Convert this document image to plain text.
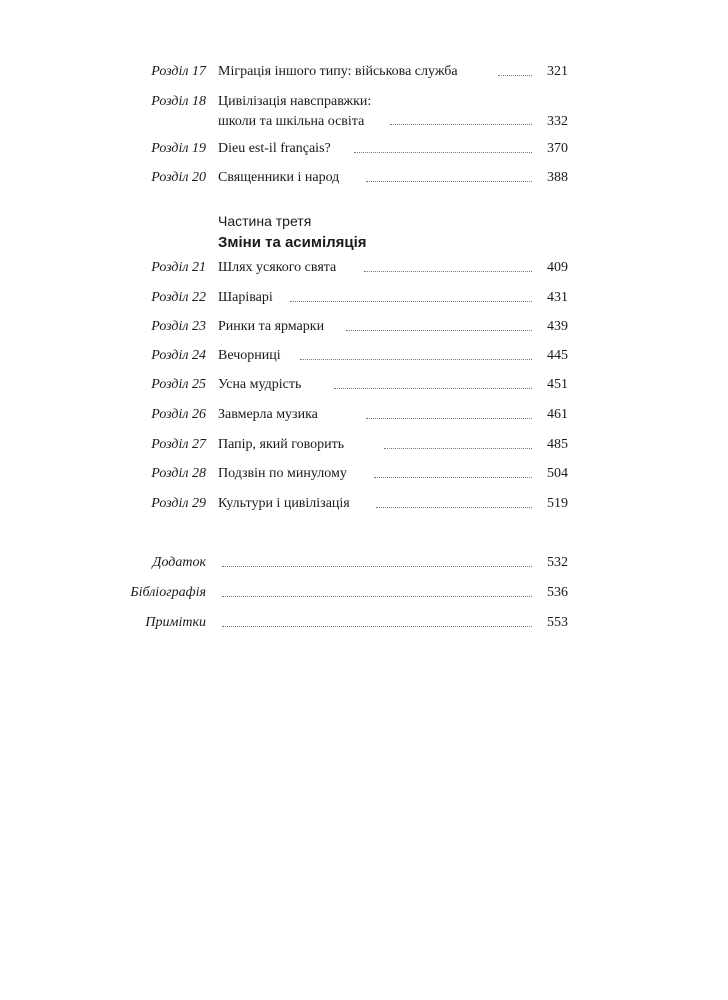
Розділ 17 Міграція іншого типу: військова служба	321
Розділ 18 Цивілізація навсправжки:
школи та шкільна освіта	332
Розділ 19 Dieu est-il français?	370
Розділ 20 Священники і народ	388
Частина третя
Зміни та асиміляція
Розділ 21 Шлях усякого свята	409
Розділ 22 Шаріварі	431
Розділ 23 Ринки та ярмарки	439
Розділ 24 Вечорниці	445
Розділ 25 Усна мудрість	451
Розділ 26 Завмерла музика	461
Розділ 27 Папір, який говорить	485
Розділ 28 Подзвін по минулому	504
Розділ 29 Культури і цивілізація	519
Додаток	532
Бібліографія	536
Примітки	553
